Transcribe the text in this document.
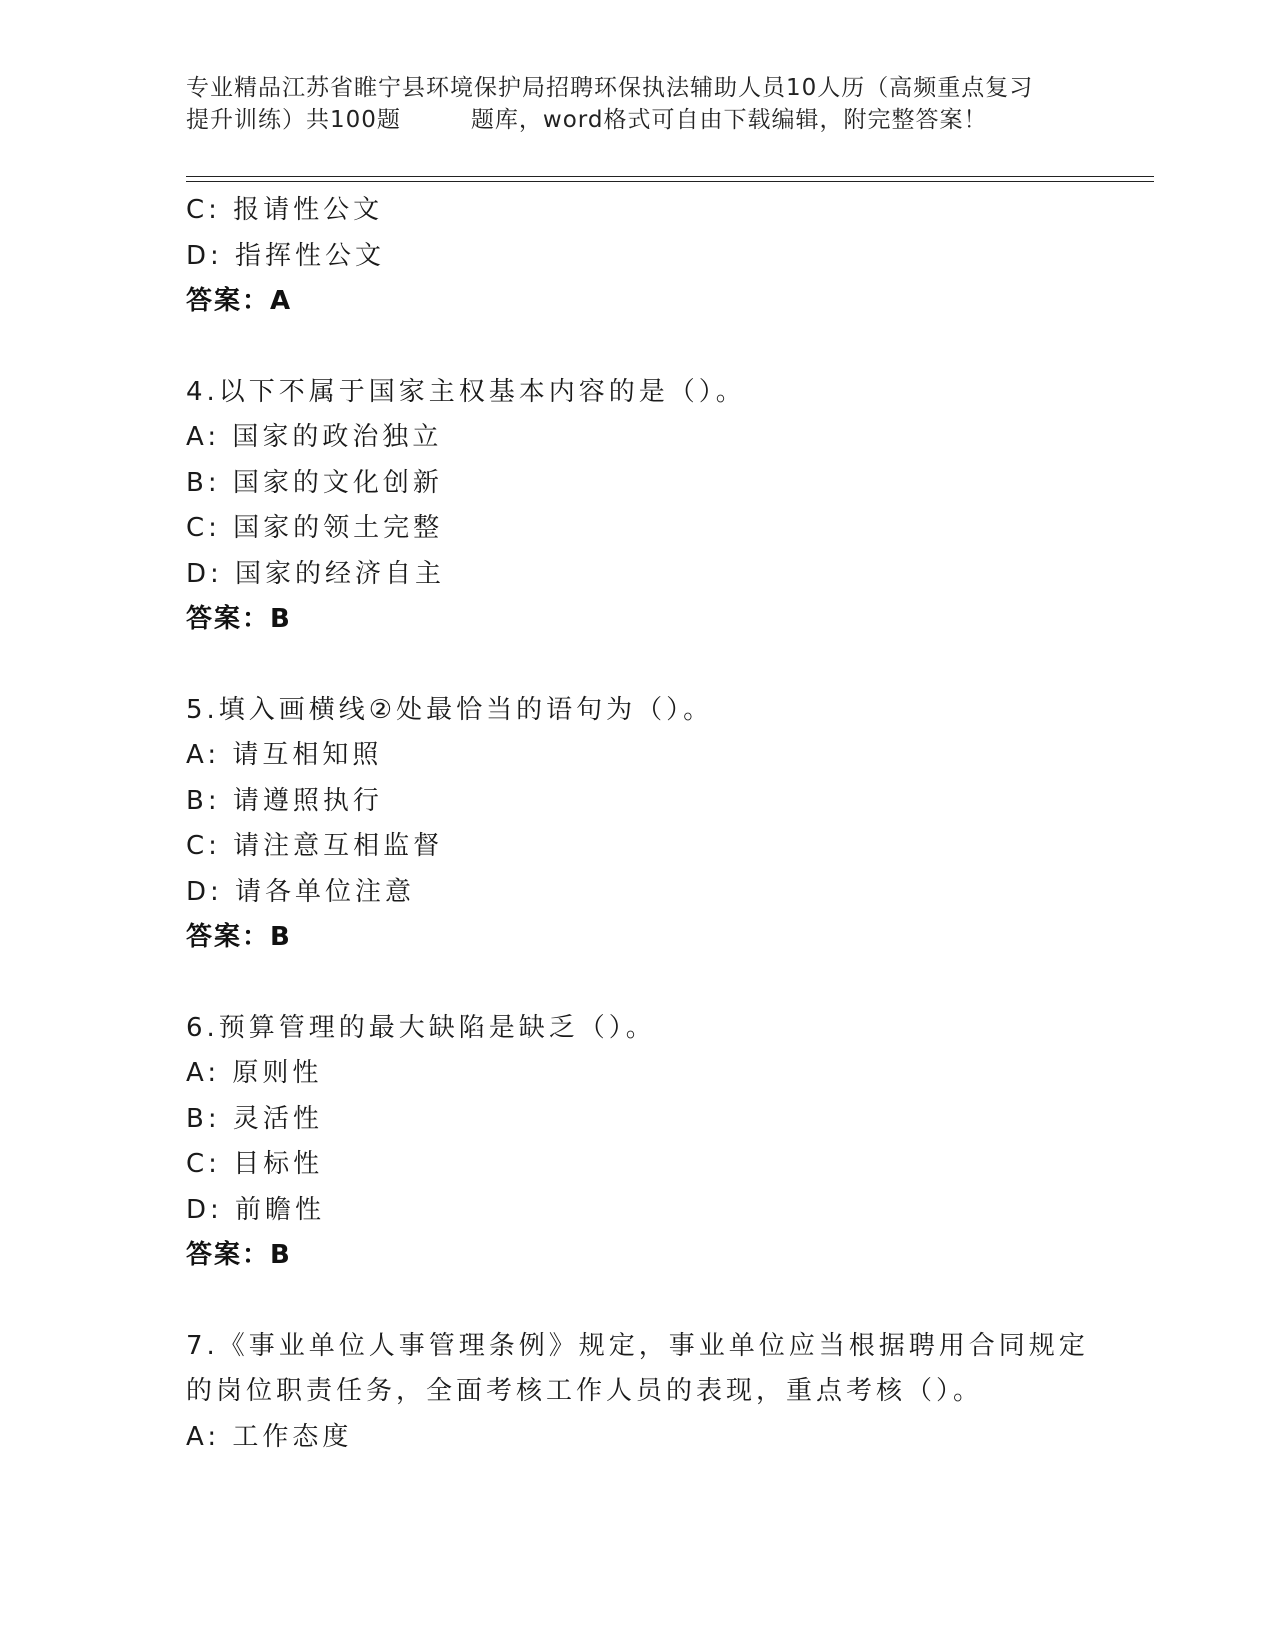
专业精品江苏省睢宁县环境保护局招聘环保执法辅助人员10人历（高频重点复习
提升训练）共100题	题库，word格式可自由下载编辑，附完整答案！
C: 报请性公文
D: 指挥性公文
答案：A
4.以下不属于国家主权基本内容的是（）。
A: 国家的政治独立
B: 国家的文化创新
C: 国家的领土完整
D: 国家的经济自主
答案：B
5.填入画横线②处最恰当的语句为（）。
A: 请互相知照
B: 请遵照执行
C: 请注意互相监督
D: 请各单位注意
答案：B
6.预算管理的最大缺陷是缺乏（）。
A: 原则性
B: 灵活性
C: 目标性
D: 前瞻性
答案：B
7.《事业单位人事管理条例》规定，事业单位应当根据聘用合同规定
的岗位职责任务，全面考核工作人员的表现，重点考核（）。
A: 工作态度
